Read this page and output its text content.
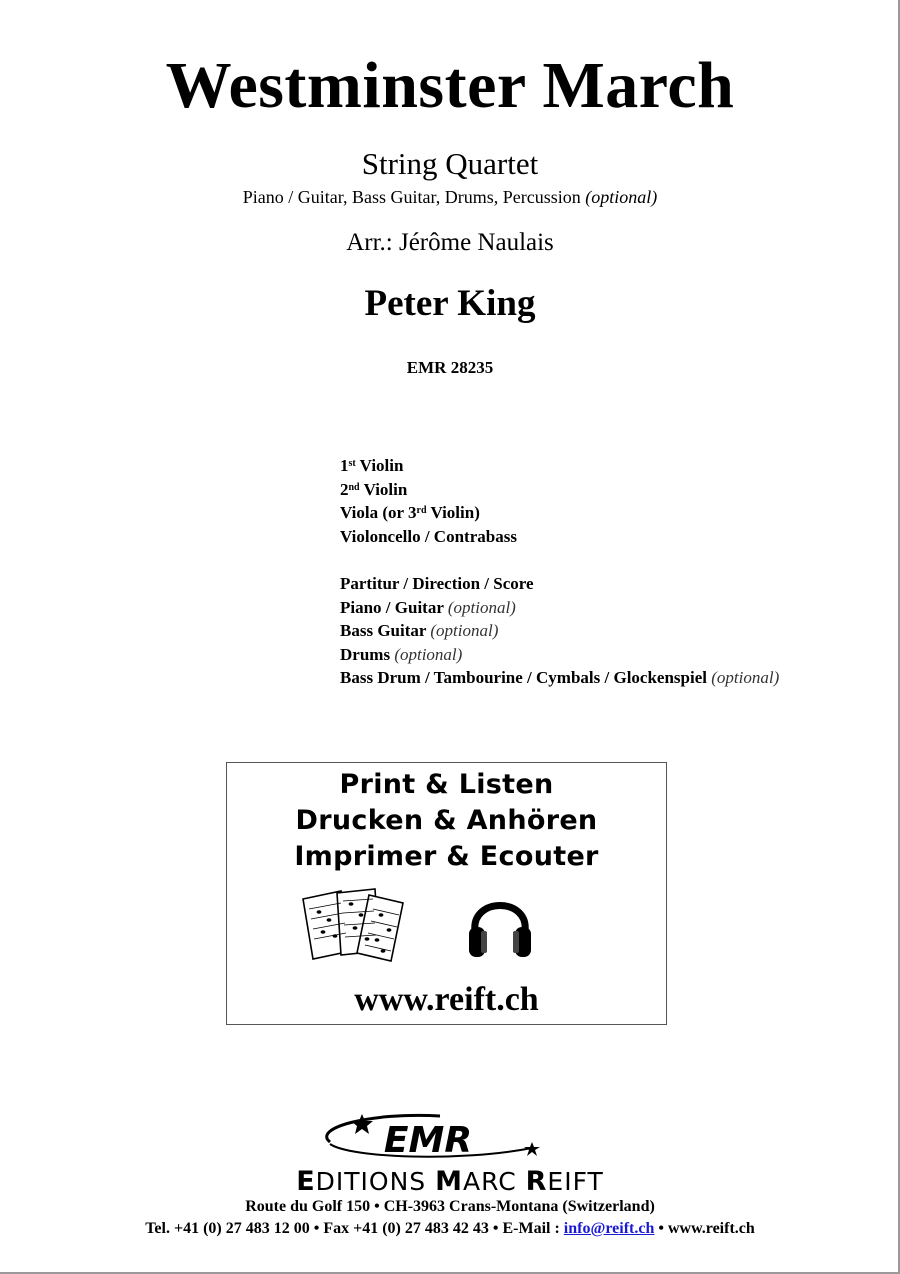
Westminster March
String Quartet
Piano / Guitar, Bass Guitar, Drums, Percussion (optional)
Arr.: Jérôme Naulais
Peter King
EMR 28235
1st Violin
2nd Violin
Viola (or 3rd Violin)
Violoncello / Contrabass
Partitur / Direction / Score
Piano / Guitar (optional)
Bass Guitar (optional)
Drums (optional)
Bass Drum / Tambourine / Cymbals / Glockenspiel (optional)
Print & Listen
Drucken & Anhören
Imprimer & Ecouter
www.reift.ch
EMR
EDITIONS MARC REIFT
Route du Golf 150 • CH-3963 Crans-Montana (Switzerland)
Tel. +41 (0) 27 483 12 00 • Fax +41 (0) 27 483 42 43 • E-Mail : info@reift.ch • www.reift.ch
